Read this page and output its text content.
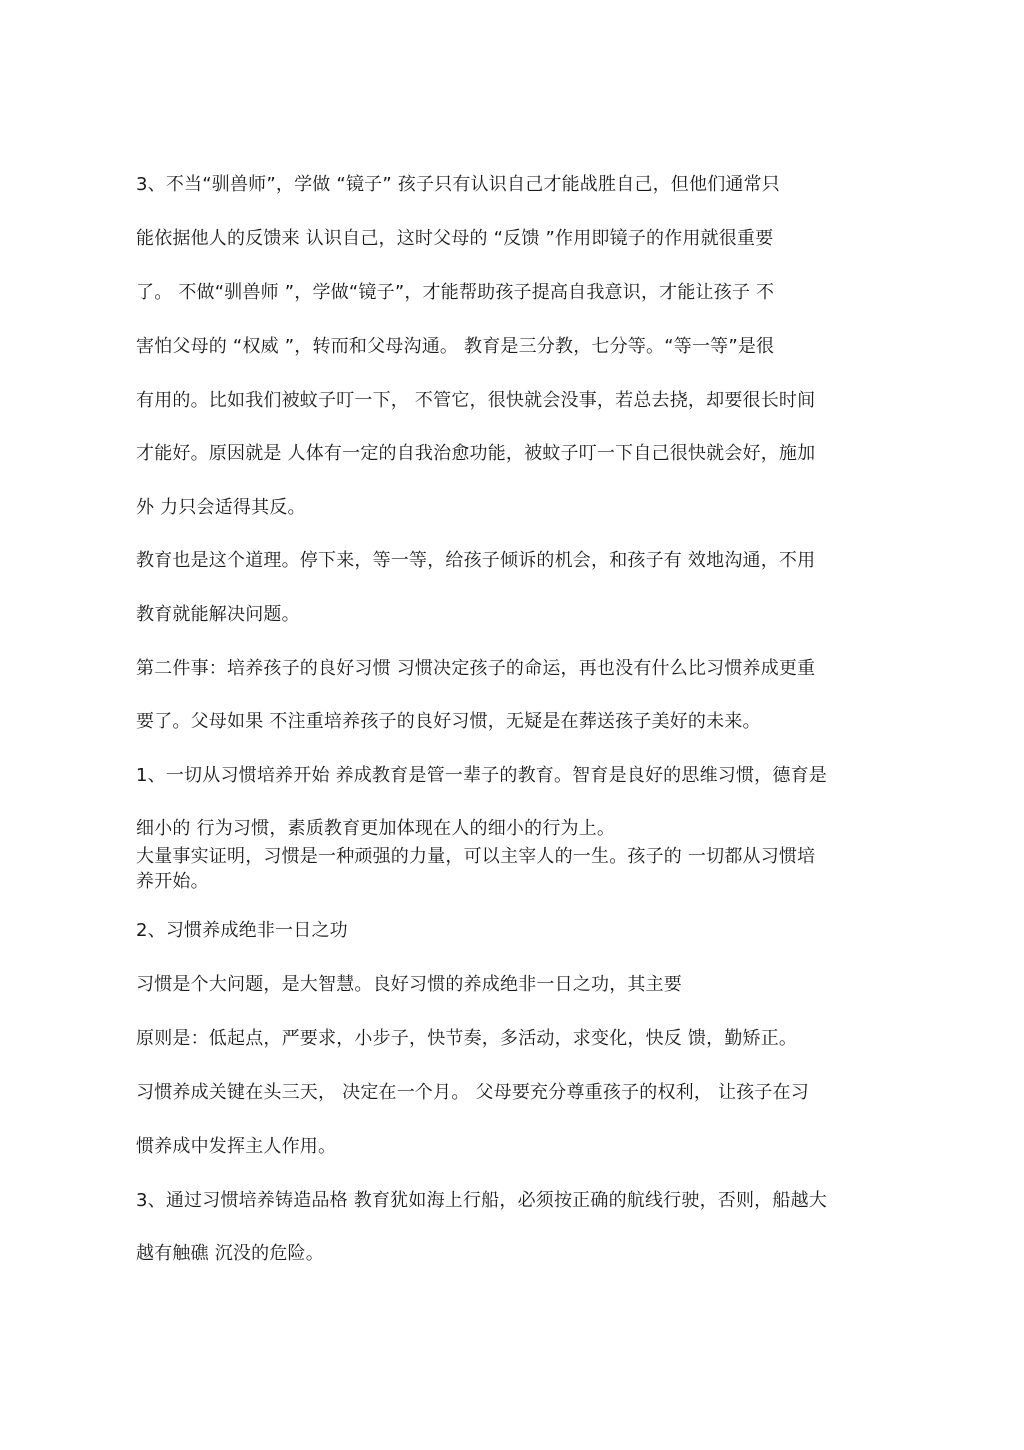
3、不当“驯兽师”，学做 “镜子” 孩子只有认识自己才能战胜自己，但他们通常只
能依据他人的反馈来 认识自己，这时父母的 “反馈 ”作用即镜子的作用就很重要
了。 不做“驯兽师 ”，学做“镜子”，才能帮助孩子提高自我意识，才能让孩子 不
害怕父母的 “权威 ”，转而和父母沟通。 教育是三分教，七分等。“等一等”是很
有用的。比如我们被蚊子叮一下， 不管它，很快就会没事，若总去挠，却要很长时间
才能好。原因就是 人体有一定的自我治愈功能，被蚊子叮一下自己很快就会好，施加
外 力只会适得其反。
教育也是这个道理。停下来，等一等，给孩子倾诉的机会，和孩子有 效地沟通，不用
教育就能解决问题。
第二件事：培养孩子的良好习惯 习惯决定孩子的命运，再也没有什么比习惯养成更重
要了。父母如果 不注重培养孩子的良好习惯，无疑是在葬送孩子美好的未来。
1、一切从习惯培养开始 养成教育是管一辈子的教育。智育是良好的思维习惯，德育是
细小的 行为习惯，素质教育更加体现在人的细小的行为上。
大量事实证明，习惯是一种顽强的力量，可以主宰人的一生。孩子的 一切都从习惯培
养开始。
2、习惯养成绝非一日之功
习惯是个大问题，是大智慧。良好习惯的养成绝非一日之功，其主要
原则是：低起点，严要求，小步子，快节奏，多活动，求变化，快反 馈，勤矫正。
习惯养成关键在头三天， 决定在一个月。 父母要充分尊重孩子的权利， 让孩子在习
惯养成中发挥主人作用。
3、通过习惯培养铸造品格 教育犹如海上行船，必须按正确的航线行驶，否则，船越大
越有触礁 沉没的危险。
